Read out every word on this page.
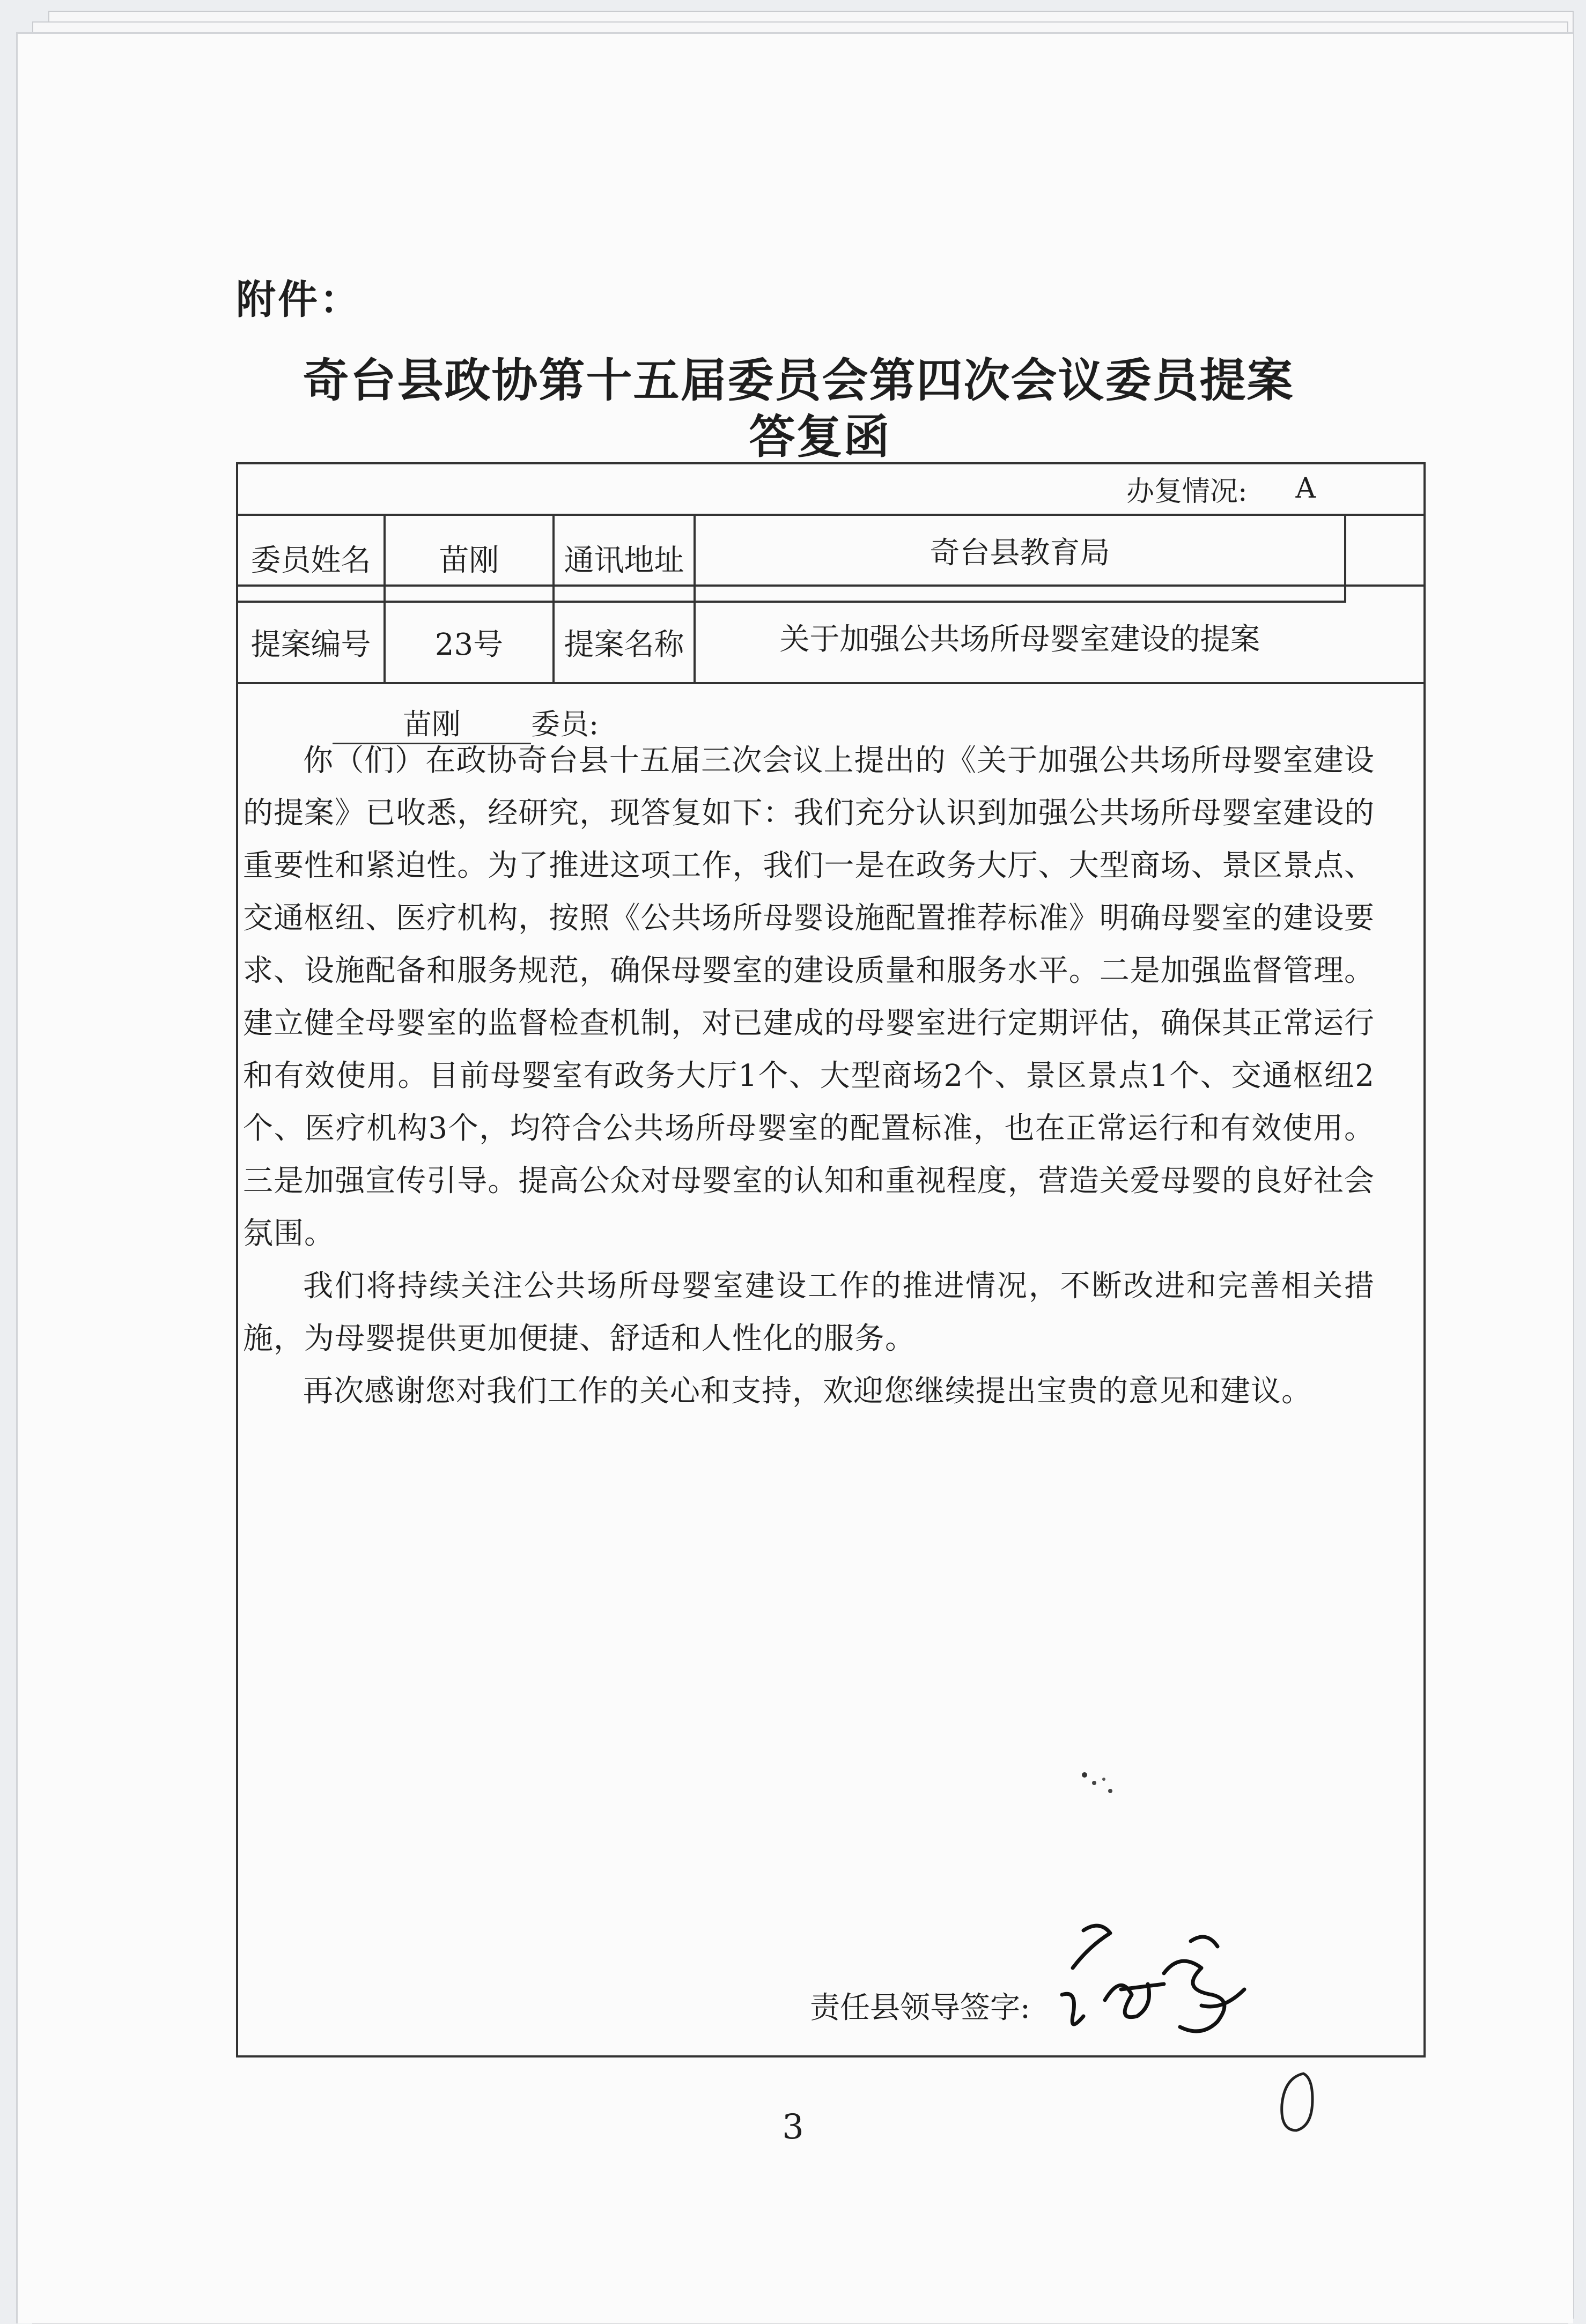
附件：
奇台县政协第十五届委员会第四次会议委员提案
答复函
办复情况: A
委员姓名	苗刚	通讯地址	奇台县教育局
提案编号	23号	提案名称	关于加强公共场所母婴室建设的提案
苗刚 委员:

你（们）在政协奇台县十五届三次会议上提出的《关于加强公共场所母婴室建设的提案》已收悉，经研究，现答复如下：我们充分认识到加强公共场所母婴室建设的重要性和紧迫性。为了推进这项工作，我们一是在政务大厅、大型商场、景区景点、交通枢纽、医疗机构，按照《公共场所母婴设施配置推荐标准》明确母婴室的建设要求、设施配备和服务规范，确保母婴室的建设质量和服务水平。二是加强监督管理。建立健全母婴室的监督检查机制，对已建成的母婴室进行定期评估，确保其正常运行和有效使用。目前母婴室有政务大厅1个、大型商场2个、景区景点1个、交通枢纽2个、医疗机构3个，均符合公共场所母婴室的配置标准，也在正常运行和有效使用。三是加强宣传引导。提高公众对母婴室的认知和重视程度，营造关爱母婴的良好社会氛围。

我们将持续关注公共场所母婴室建设工作的推进情况，不断改进和完善相关措施，为母婴提供更加便捷、舒适和人性化的服务。

再次感谢您对我们工作的关心和支持，欢迎您继续提出宝贵的意见和建议。

责任县领导签字:
3
